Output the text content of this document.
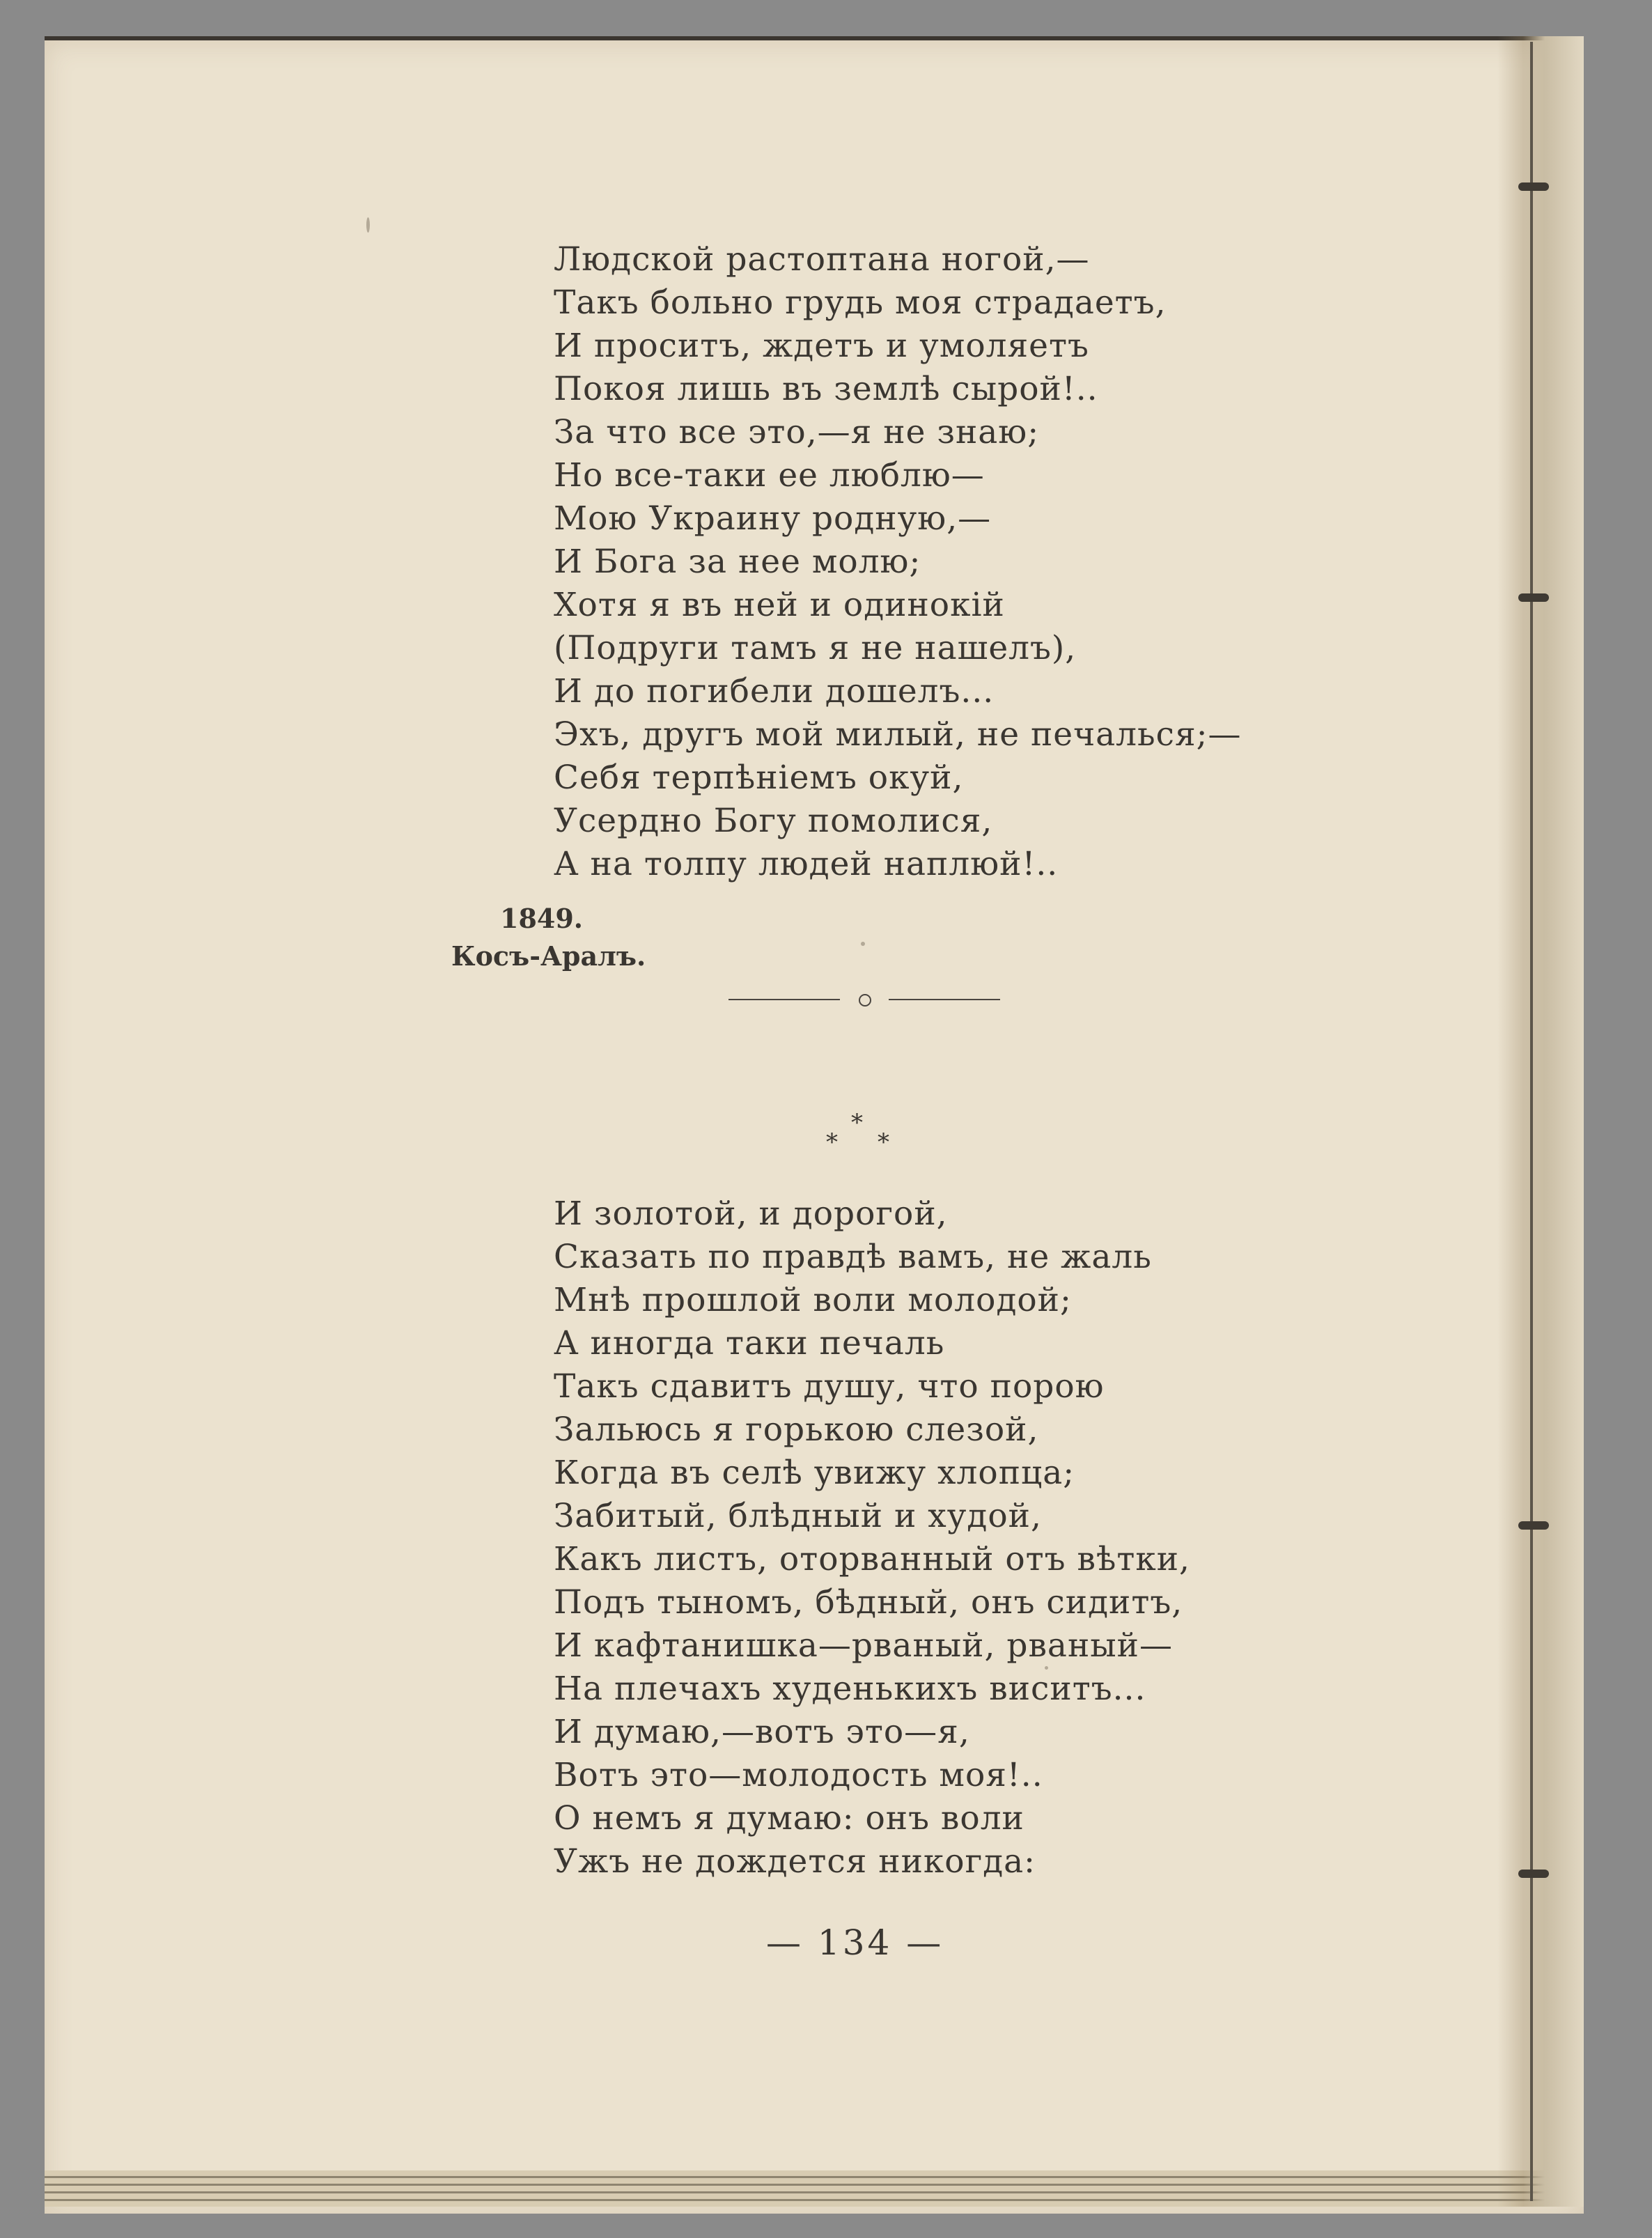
Людской растоптана ногой,—
Такъ больно грудь моя страдаетъ,
И проситъ, ждетъ и умоляетъ
Покоя лишь въ землѣ сырой!..
За что все это,—я не знаю;
Но все-таки ее люблю—
Мою Украину родную,—
И Бога за нее молю;
Хотя я въ ней и одинокій
(Подруги тамъ я не нашелъ),
И до погибели дошелъ...
Эхъ, другъ мой милый, не печалься;—
Себя терпѣніемъ окуй,
Усердно Богу помолися,
А на толпу людей наплюй!..
1849.
Косъ-Аралъ.
*
* *
И золотой, и дорогой,
Сказать по правдѣ вамъ, не жаль
Мнѣ прошлой воли молодой;
А иногда таки печаль
Такъ сдавитъ душу, что порою
Зальюсь я горькою слезой,
Когда въ селѣ увижу хлопца;
Забитый, блѣдный и худой,
Какъ листъ, оторванный отъ вѣтки,
Подъ тыномъ, бѣдный, онъ сидитъ,
И кафтанишка—рваный, рваный—
На плечахъ худенькихъ виситъ...
И думаю,—вотъ это—я,
Вотъ это—молодость моя!..
О немъ я думаю: онъ воли
Ужъ не дождется никогда:
— 134 —
